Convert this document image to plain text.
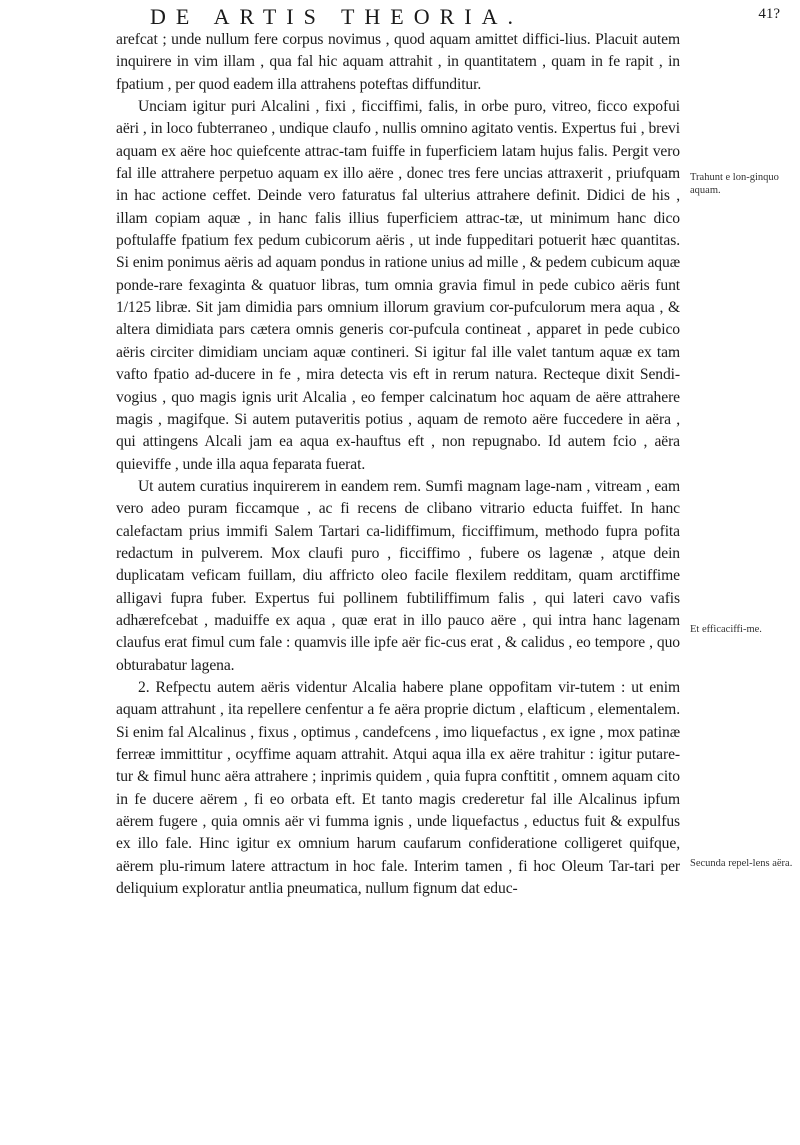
DE ARTIS THEORIA.	41?

arefcat ; unde nullum fere corpus novimus , quod aquam amittet diffici-lius. Placuit autem inquirere in vim illam , qua fal hic aquam attrahit , in quantitatem , quam in fe rapit , in fpatium , per quod eadem illa attrahens poteftas diffunditur.

Unciam igitur puri Alcalini , fixi , ficciffimi, falis, in orbe puro, vitreo, ficco expofui aëri , in loco fubterraneo , undique claufo , nullis omnino agitato ventis. Expertus fui , brevi aquam ex aëre hoc quiefcente attrac-tam fuiffe in fuperficiem latam hujus falis. Pergit vero fal ille attrahere perpetuo aquam ex illo aëre , donec tres fere uncias attraxerit , priufquam in hac actione ceffet. Deinde vero faturatus fal ulterius attrahere definit. Didici de his , illam copiam aquæ , in hanc falis illius fuperficiem attrac-tæ, ut minimum hanc dico poftulaffe fpatium fex pedum cubicorum aëris , ut inde fuppeditari potuerit hæc quantitas. Si enim ponimus aëris ad aquam pondus in ratione unius ad mille , & pedem cubicum aquæ ponde-rare fexaginta & quatuor libras, tum omnia gravia fimul in pede cubico aëris funt 1/125 libræ. Sit jam dimidia pars omnium illorum gravium cor-pufculorum mera aqua , & altera dimidiata pars cætera omnis generis cor-pufcula contineat , apparet in pede cubico aëris circiter dimidiam unciam aquæ contineri. Si igitur fal ille valet tantum aquæ ex tam vafto fpatio ad-ducere in fe , mira detecta vis eft in rerum natura. Recteque dixit Sendi-vogius , quo magis ignis urit Alcalia , eo femper calcinatum hoc aquam de aëre attrahere magis , magifque. Si autem putaveritis potius , aquam de remoto aëre fuccedere in aëra , qui attingens Alcali jam ea aqua ex-hauftus eft , non repugnabo. Id autem fcio , aëra quieviffe , unde illa aqua feparata fuerat.

Ut autem curatius inquirerem in eandem rem. Sumfi magnam lage-nam , vitream , eam vero adeo puram ficcamque , ac fi recens de clibano vitrario educta fuiffet. In hanc calefactam prius immifi Salem Tartari ca-lidiffimum, ficciffimum, methodo fupra pofita redactum in pulverem. Mox claufi puro , ficciffimo , fubere os lagenæ , atque dein duplicatam veficam fuillam, diu affricto oleo facile flexilem redditam, quam arctiffime alligavi fupra fuber. Expertus fui pollinem fubtiliffimum falis , qui lateri cavo vafis adhærefcebat , maduiffe ex aqua , quæ erat in illo pauco aëre , qui intra hanc lagenam claufus erat fimul cum fale : quamvis ille ipfe aër fic-cus erat , & calidus , eo tempore , quo obturabatur lagena.

2. Refpectu autem aëris videntur Alcalia habere plane oppofitam vir-tutem : ut enim aquam attrahunt , ita repellere cenfentur a fe aëra proprie dictum , elafticum , elementalem. Si enim fal Alcalinus , fixus , optimus , candefcens , imo liquefactus , ex igne , mox patinæ ferreæ immittitur , ocyffime aquam attrahit. Atqui aqua illa ex aëre trahitur : igitur putare-tur & fimul hunc aëra attrahere ; inprimis quidem , quia fupra conftitit , omnem aquam cito in fe ducere aërem , fi eo orbata eft. Et tanto magis crederetur fal ille Alcalinus ipfum aërem fugere , quia omnis aër vi fumma ignis , unde liquefactus , eductus fuit & expulfus ex illo fale. Hinc igitur ex omnium harum caufarum confideratione colligeret quifque, aërem plu-rimum latere attractum in hoc fale. Interim tamen , fi hoc Oleum Tar-tari per deliquium exploratur antlia pneumatica, nullum fignum dat educ-

Trahunt e lon-ginquo aquam.
Et efficaciffi-me.
Secunda repel-lens aëra.
